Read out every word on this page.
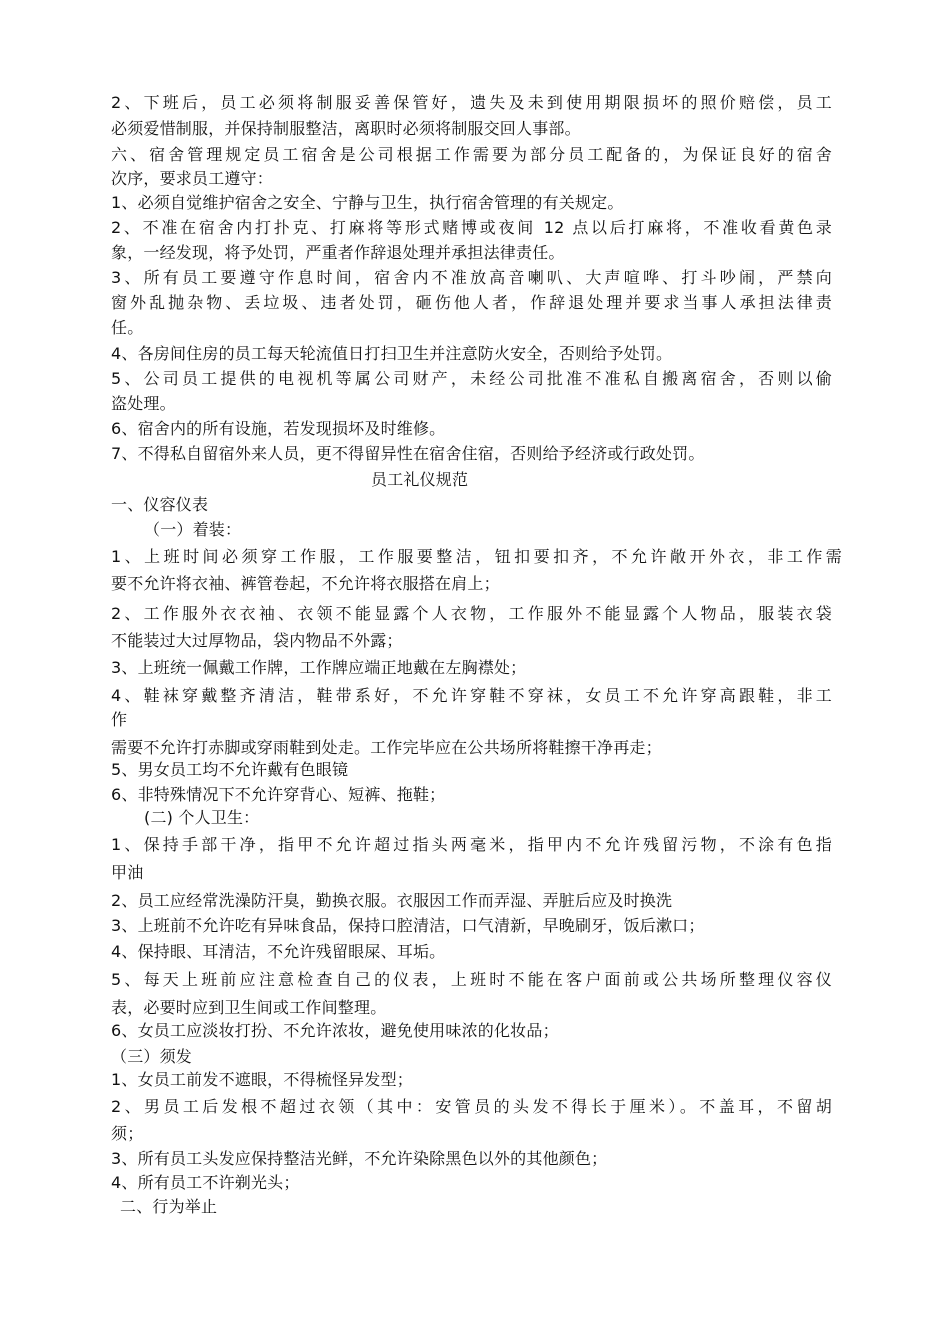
2、下班后，员工必须将制服妥善保管好，遗失及未到使用期限损坏的照价赔偿，员工
必须爱惜制服，并保持制服整洁，离职时必须将制服交回人事部。
六、宿舍管理规定员工宿舍是公司根据工作需要为部分员工配备的，为保证良好的宿舍
次序，要求员工遵守：
1、必须自觉维护宿舍之安全、宁静与卫生，执行宿舍管理的有关规定。
2、不准在宿舍内打扑克、打麻将等形式赌博或夜间 12 点以后打麻将，不准收看黄色录
象，一经发现，将予处罚，严重者作辞退处理并承担法律责任。
3、所有员工要遵守作息时间，宿舍内不准放高音喇叭、大声喧哗、打斗吵闹，严禁向
窗外乱抛杂物、丢垃圾、违者处罚，砸伤他人者，作辞退处理并要求当事人承担法律责
任。
4、各房间住房的员工每天轮流值日打扫卫生并注意防火安全，否则给予处罚。
5、公司员工提供的电视机等属公司财产，未经公司批准不准私自搬离宿舍，否则以偷
盗处理。
6、宿舍内的所有设施，若发现损坏及时维修。
7、不得私自留宿外来人员，更不得留异性在宿舍住宿，否则给予经济或行政处罚。
员工礼仪规范
一、仪容仪表
（一）着装：
1、上班时间必须穿工作服，工作服要整洁，钮扣要扣齐，不允许敞开外衣，非工作需
要不允许将衣袖、裤管卷起，不允许将衣服搭在肩上；
2、工作服外衣衣袖、衣领不能显露个人衣物，工作服外不能显露个人物品，服装衣袋
不能装过大过厚物品，袋内物品不外露；
3、上班统一佩戴工作牌，工作牌应端正地戴在左胸襟处；
4、鞋袜穿戴整齐清洁，鞋带系好，不允许穿鞋不穿袜，女员工不允许穿高跟鞋，非工
作
需要不允许打赤脚或穿雨鞋到处走。工作完毕应在公共场所将鞋擦干净再走；
5、男女员工均不允许戴有色眼镜
6、非特殊情况下不允许穿背心、短裤、拖鞋；
(二) 个人卫生：
1、保持手部干净，指甲不允许超过指头两毫米，指甲内不允许残留污物，不涂有色指
甲油
2、员工应经常洗澡防汗臭，勤换衣服。衣服因工作而弄湿、弄脏后应及时换洗
3、上班前不允许吃有异味食品，保持口腔清洁，口气清新，早晚刷牙，饭后漱口；
4、保持眼、耳清洁，不允许残留眼屎、耳垢。
5、每天上班前应注意检查自己的仪表，上班时不能在客户面前或公共场所整理仪容仪
表，必要时应到卫生间或工作间整理。
6、女员工应淡妆打扮、不允许浓妆，避免使用味浓的化妆品；
（三）须发
1、女员工前发不遮眼，不得梳怪异发型；
2、男员工后发根不超过衣领（其中：安管员的头发不得长于厘米）。不盖耳，不留胡
须；
3、所有员工头发应保持整洁光鲜，不允许染除黑色以外的其他颜色；
4、所有员工不许剃光头；
二、行为举止
